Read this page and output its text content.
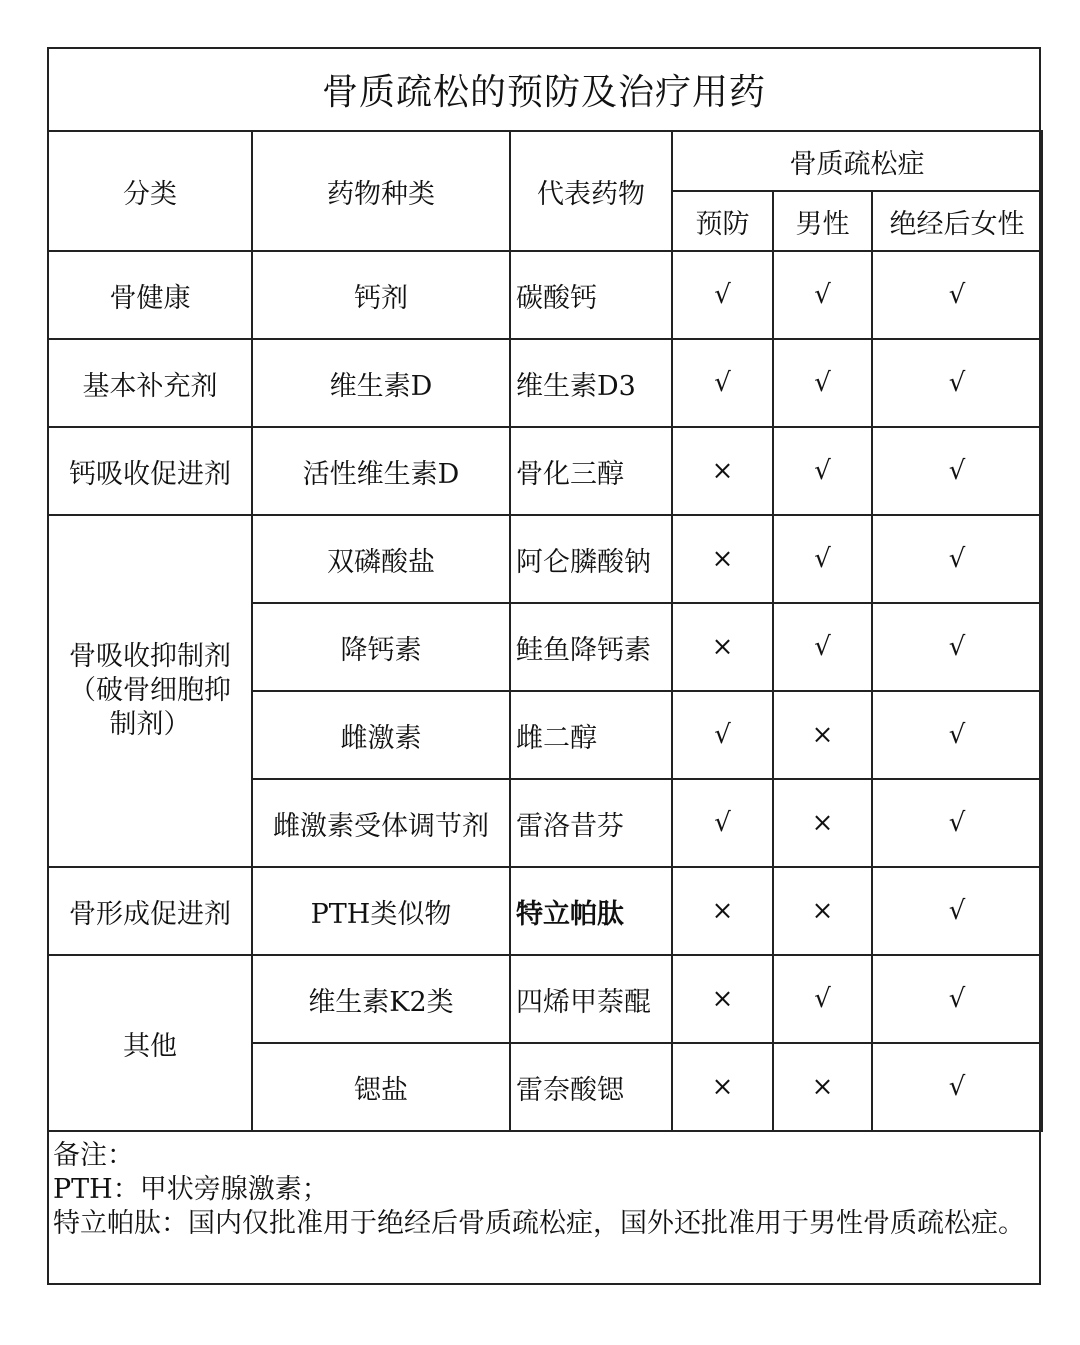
骨质疏松的预防及治疗用药
分类	药物种类	代表药物	骨质疏松症		
			预防	男性	绝经后女性
骨健康	钙剂	碳酸钙	√	√	√
基本补充剂	维生素D	维生素D3	√	√	√
钙吸收促进剂	活性维生素D	骨化三醇	×	√	√
骨吸收抑制剂（破骨细胞抑制剂）	双磷酸盐	阿仑膦酸钠	×	√	√
	降钙素	鲑鱼降钙素	×	√	√
	雌激素	雌二醇	√	×	√
	雌激素受体调节剂	雷洛昔芬	√	×	√
骨形成促进剂	PTH类似物	特立帕肽	×	×	√
其他	维生素K2类	四烯甲萘醌	×	√	√
	锶盐	雷奈酸锶	×	×	√
备注：
PTH：甲状旁腺激素；
特立帕肽：国内仅批准用于绝经后骨质疏松症，国外还批准用于男性骨质疏松症。
